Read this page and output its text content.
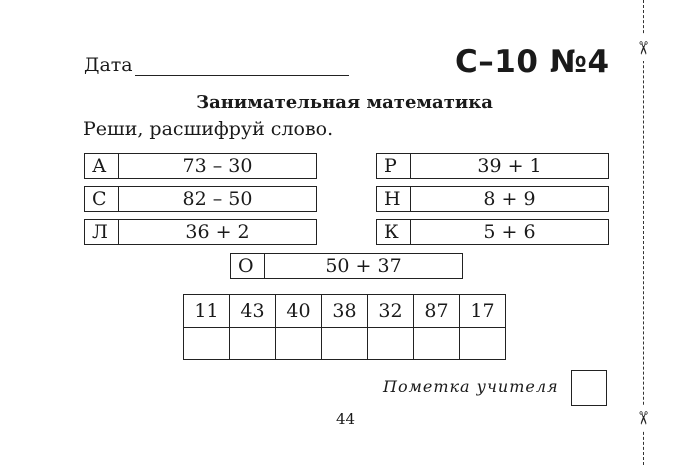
✂
✂
Дата	С–10 №4
Занимательная математика
Реши, расшифруй слово.
А	73 – 30
С	82 – 50
Л	36 + 2
Р	39 + 1
Н	8 + 9
К	5 + 6
О	50 + 37
11	43	40	38	32	87	17

Пометка учителя
44
